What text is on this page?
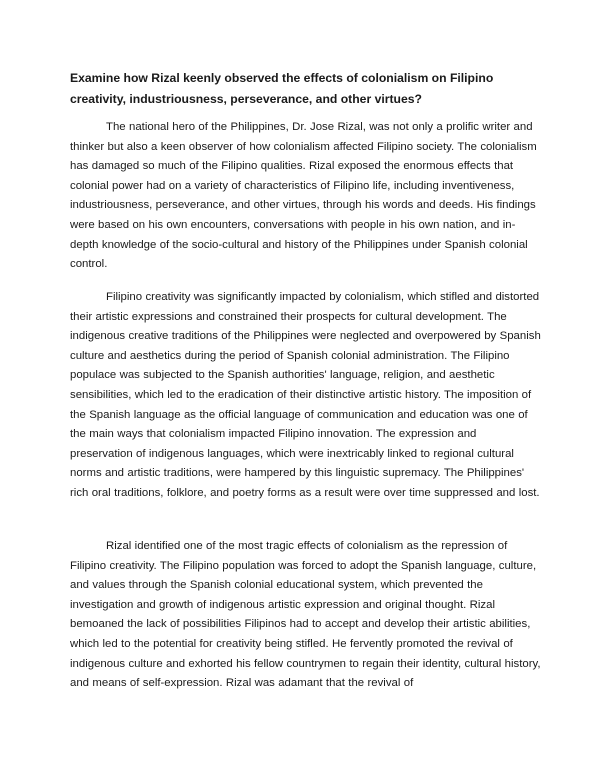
Examine how Rizal keenly observed the effects of colonialism on Filipino creativity, industriousness, perseverance, and other virtues?

The national hero of the Philippines, Dr. Jose Rizal, was not only a prolific writer and thinker but also a keen observer of how colonialism affected Filipino society. The colonialism has damaged so much of the Filipino qualities. Rizal exposed the enormous effects that colonial power had on a variety of characteristics of Filipino life, including inventiveness, industriousness, perseverance, and other virtues, through his words and deeds. His findings were based on his own encounters, conversations with people in his own nation, and in-depth knowledge of the socio-cultural and history of the Philippines under Spanish colonial control.

Filipino creativity was significantly impacted by colonialism, which stifled and distorted their artistic expressions and constrained their prospects for cultural development. The indigenous creative traditions of the Philippines were neglected and overpowered by Spanish culture and aesthetics during the period of Spanish colonial administration. The Filipino populace was subjected to the Spanish authorities' language, religion, and aesthetic sensibilities, which led to the eradication of their distinctive artistic history. The imposition of the Spanish language as the official language of communication and education was one of the main ways that colonialism impacted Filipino innovation. The expression and preservation of indigenous languages, which were inextricably linked to regional cultural norms and artistic traditions, were hampered by this linguistic supremacy. The Philippines' rich oral traditions, folklore, and poetry forms as a result were over time suppressed and lost.

Rizal identified one of the most tragic effects of colonialism as the repression of Filipino creativity. The Filipino population was forced to adopt the Spanish language, culture, and values through the Spanish colonial educational system, which prevented the investigation and growth of indigenous artistic expression and original thought. Rizal bemoaned the lack of possibilities Filipinos had to accept and develop their artistic abilities, which led to the potential for creativity being stifled. He fervently promoted the revival of indigenous culture and exhorted his fellow countrymen to regain their identity, cultural history, and means of self-expression. Rizal was adamant that the revival of
